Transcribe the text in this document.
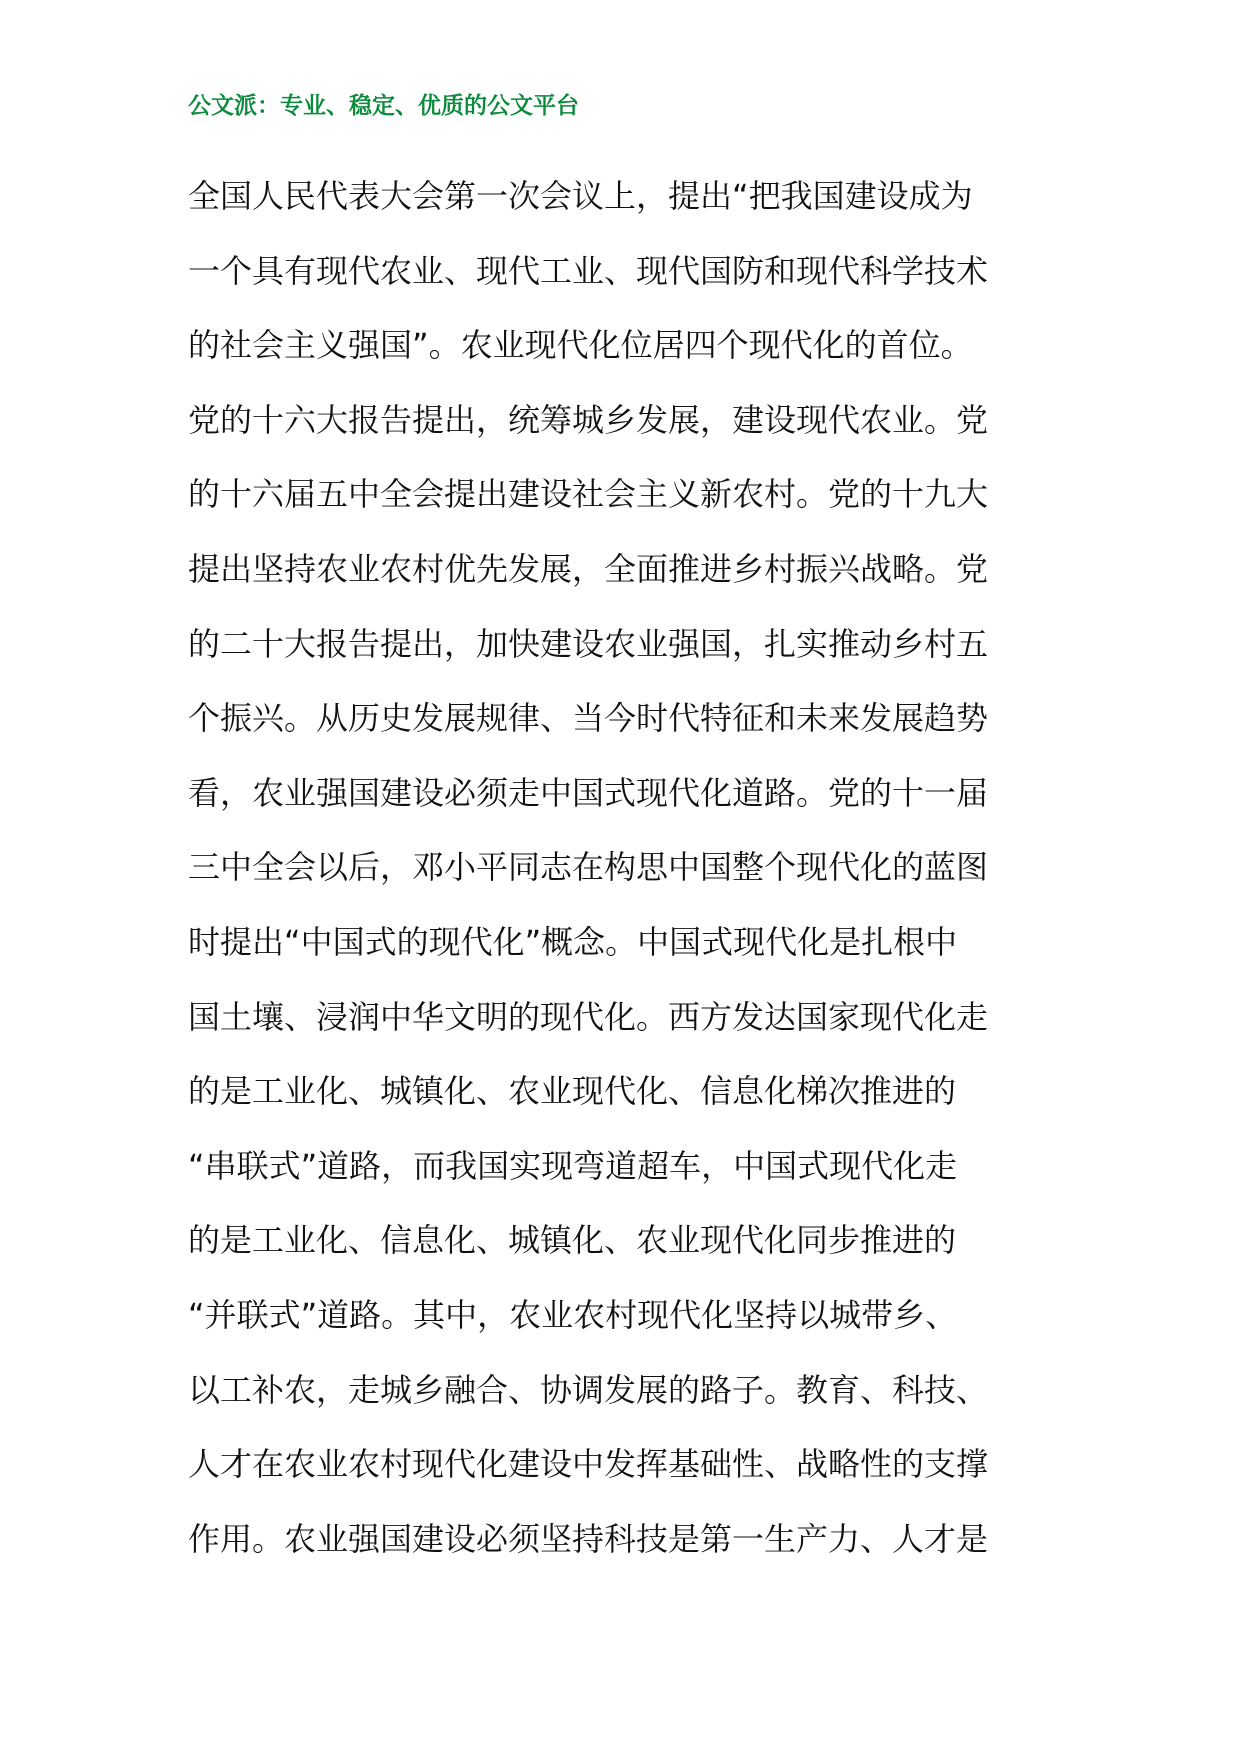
公文派：专业、稳定、优质的公文平台
全国人民代表大会第一次会议上，提出“把我国建设成为
一个具有现代农业、现代工业、现代国防和现代科学技术
的社会主义强国”。农业现代化位居四个现代化的首位。
党的十六大报告提出，统筹城乡发展，建设现代农业。党
的十六届五中全会提出建设社会主义新农村。党的十九大
提出坚持农业农村优先发展，全面推进乡村振兴战略。党
的二十大报告提出，加快建设农业强国，扎实推动乡村五
个振兴。从历史发展规律、当今时代特征和未来发展趋势
看，农业强国建设必须走中国式现代化道路。党的十一届
三中全会以后，邓小平同志在构思中国整个现代化的蓝图
时提出“中国式的现代化”概念。中国式现代化是扎根中
国土壤、浸润中华文明的现代化。西方发达国家现代化走
的是工业化、城镇化、农业现代化、信息化梯次推进的
“串联式”道路，而我国实现弯道超车，中国式现代化走
的是工业化、信息化、城镇化、农业现代化同步推进的
“并联式”道路。其中，农业农村现代化坚持以城带乡、
以工补农，走城乡融合、协调发展的路子。教育、科技、
人才在农业农村现代化建设中发挥基础性、战略性的支撑
作用。农业强国建设必须坚持科技是第一生产力、人才是
